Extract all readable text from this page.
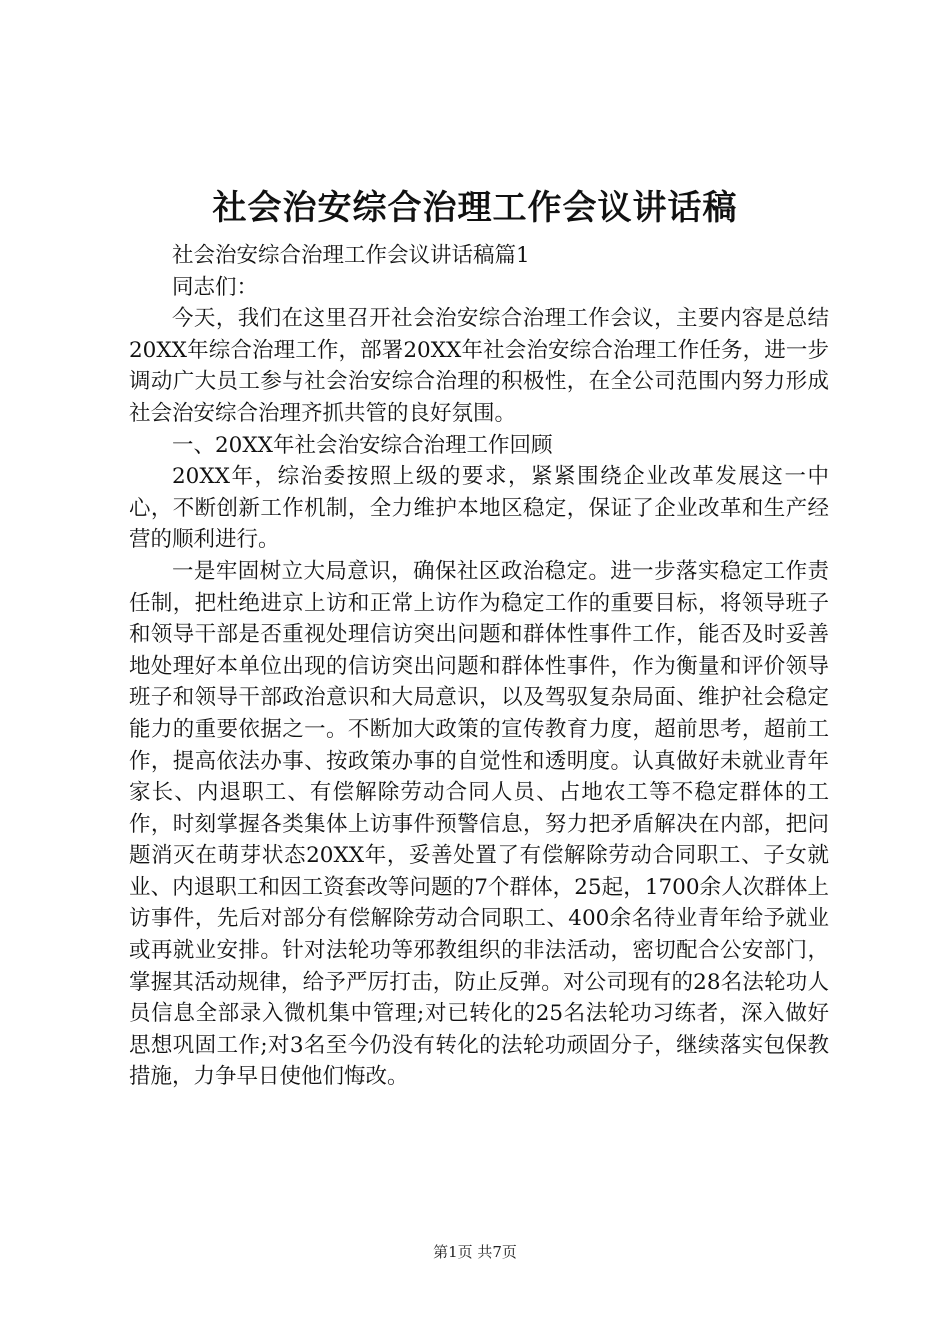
社会治安综合治理工作会议讲话稿

社会治安综合治理工作会议讲话稿篇1

同志们：

今天，我们在这里召开社会治安综合治理工作会议，主要内容是总结20XX年综合治理工作，部署20XX年社会治安综合治理工作任务，进一步调动广大员工参与社会治安综合治理的积极性，在全公司范围内努力形成社会治安综合治理齐抓共管的良好氛围。

一、20XX年社会治安综合治理工作回顾

20XX年，综治委按照上级的要求，紧紧围绕企业改革发展这一中心，不断创新工作机制，全力维护本地区稳定，保证了企业改革和生产经营的顺利进行。

一是牢固树立大局意识，确保社区政治稳定。进一步落实稳定工作责任制，把杜绝进京上访和正常上访作为稳定工作的重要目标，将领导班子和领导干部是否重视处理信访突出问题和群体性事件工作，能否及时妥善地处理好本单位出现的信访突出问题和群体性事件，作为衡量和评价领导班子和领导干部政治意识和大局意识，以及驾驭复杂局面、维护社会稳定能力的重要依据之一。不断加大政策的宣传教育力度，超前思考，超前工作，提高依法办事、按政策办事的自觉性和透明度。认真做好未就业青年家长、内退职工、有偿解除劳动合同人员、占地农工等不稳定群体的工作，时刻掌握各类集体上访事件预警信息，努力把矛盾解决在内部，把问题消灭在萌芽状态20XX年，妥善处置了有偿解除劳动合同职工、子女就业、内退职工和因工资套改等问题的7个群体，25起，1700余人次群体上访事件，先后对部分有偿解除劳动合同职工、400余名待业青年给予就业或再就业安排。针对法轮功等邪教组织的非法活动，密切配合公安部门，掌握其活动规律，给予严厉打击，防止反弹。对公司现有的28名法轮功人员信息全部录入微机集中管理;对已转化的25名法轮功习练者，深入做好思想巩固工作;对3名至今仍没有转化的法轮功顽固分子，继续落实包保教措施，力争早日使他们悔改。

第1页 共7页
